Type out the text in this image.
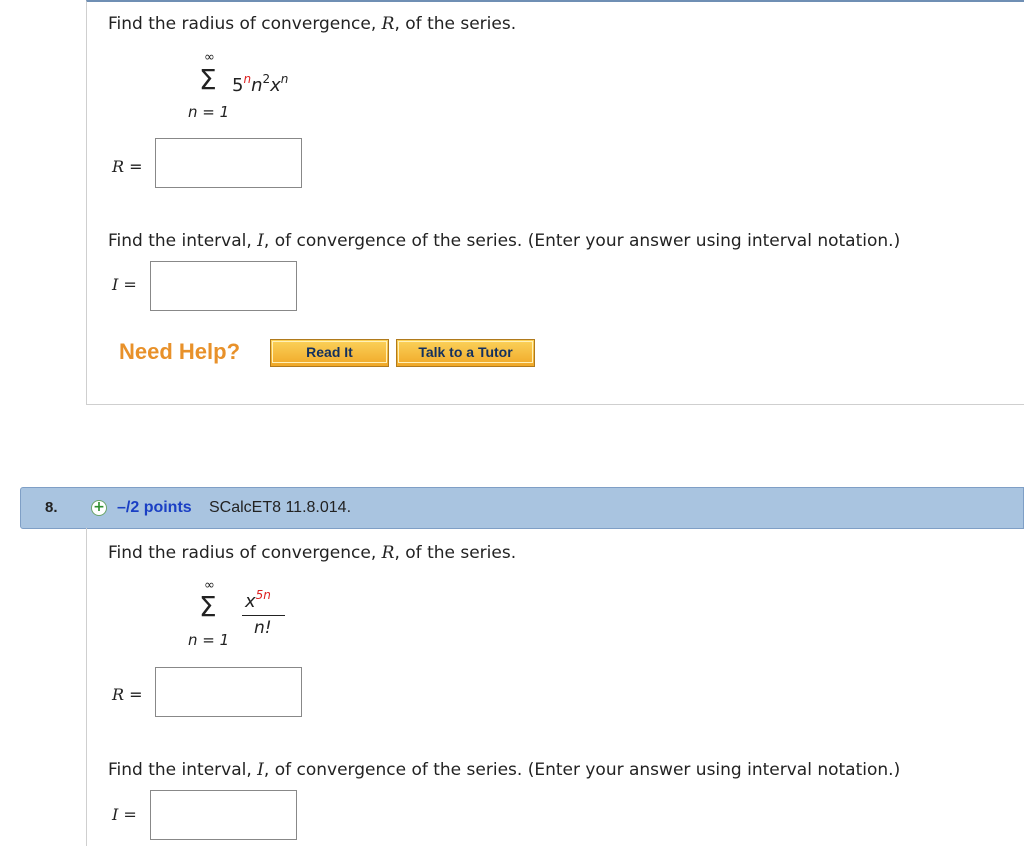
Find the radius of convergence, R, of the series.
∞
Σ
n = 1
$5^nn^2x^n$
R =
Find the interval, I, of convergence of the series. (Enter your answer using interval notation.)
I =
Need Help?	Read It	Talk to a Tutor
8.	+ –/2 points SCalcET8 11.8.014.
Find the radius of convergence, R, of the series.
∞
Σ
n = 1
$x^{5n}$
n!
R =
Find the interval, I, of convergence of the series. (Enter your answer using interval notation.)
I =
